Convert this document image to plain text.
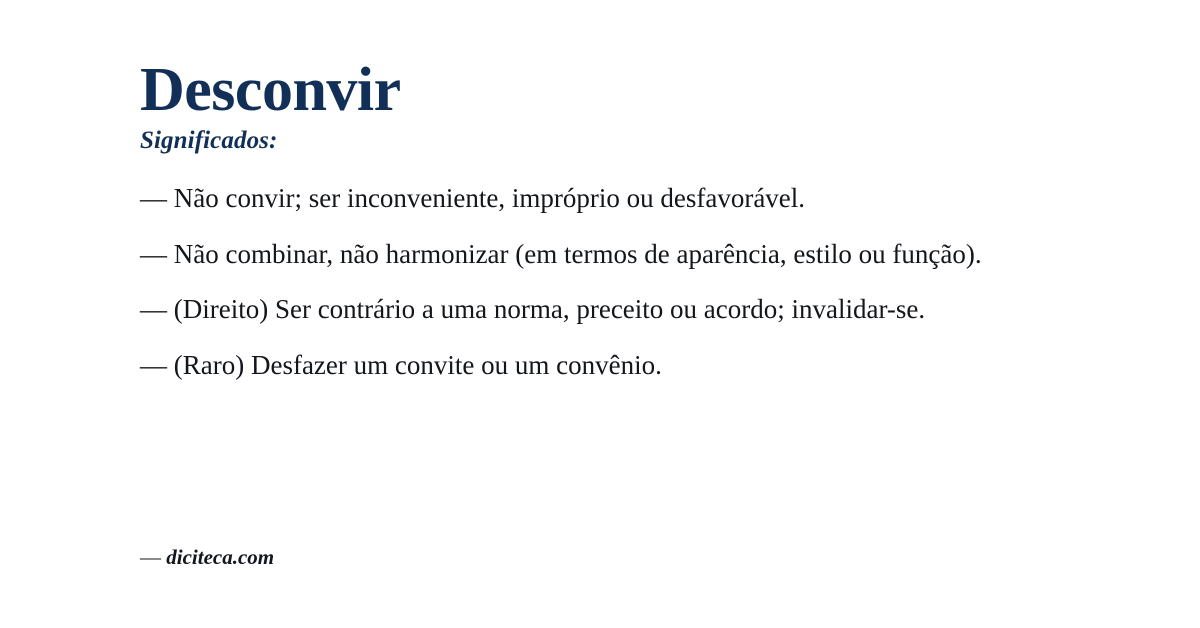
Desconvir
Significados:
— Não convir; ser inconveniente, impróprio ou desfavorável.
— Não combinar, não harmonizar (em termos de aparência, estilo ou função).
— (Direito) Ser contrário a uma norma, preceito ou acordo; invalidar-se.
— (Raro) Desfazer um convite ou um convênio.
— diciteca.com
